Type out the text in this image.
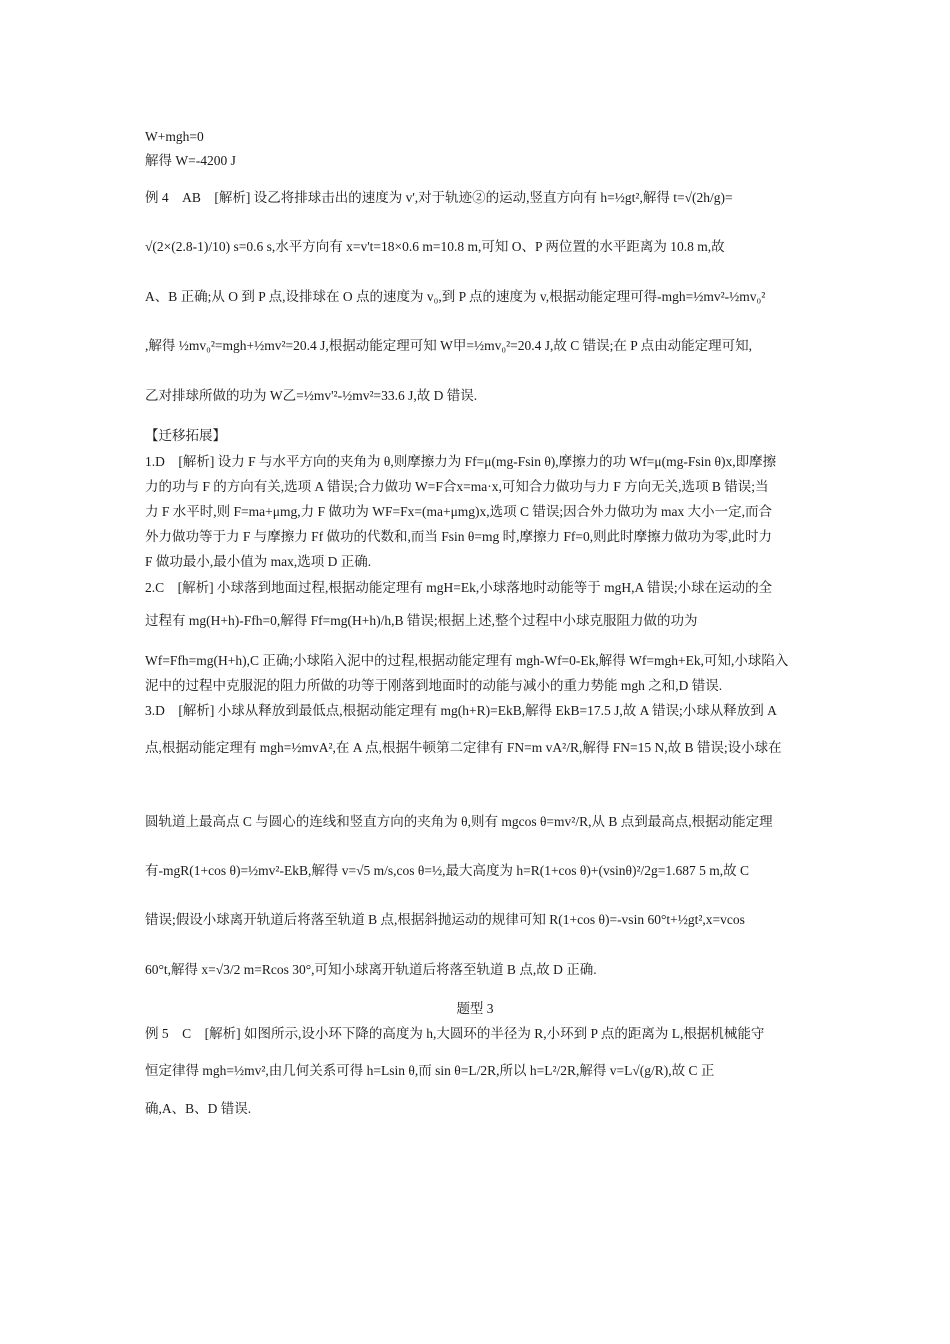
W+mgh=0
解得 W=-4200 J
例 4　AB　[解析] 设乙将排球击出的速度为 v',对于轨迹②的运动,竖直方向有 h=½gt²,解得 t=√(2h/g)=
√(2×(2.8-1)/10) s=0.6 s,水平方向有 x=v't=18×0.6 m=10.8 m,可知 O、P 两位置的水平距离为 10.8 m,故
A、B 正确;从 O 到 P 点,设排球在 O 点的速度为 v₀,到 P 点的速度为 v,根据动能定理可得-mgh=½mv²-½mv₀²
,解得 ½mv₀²=mgh+½mv²=20.4 J,根据动能定理可知 W甲=½mv₀²=20.4 J,故 C 错误;在 P 点由动能定理可知,
乙对排球所做的功为 W乙=½mv'²-½mv²=33.6 J,故 D 错误.
【迁移拓展】
1.D　[解析] 设力 F 与水平方向的夹角为 θ,则摩擦力为 Ff=μ(mg-Fsin θ),摩擦力的功 Wf=μ(mg-Fsin θ)x,即摩擦
力的功与 F 的方向有关,选项 A 错误;合力做功 W=F合x=ma·x,可知合力做功与力 F 方向无关,选项 B 错误;当
力 F 水平时,则 F=ma+μmg,力 F 做功为 WF=Fx=(ma+μmg)x,选项 C 错误;因合外力做功为 max 大小一定,而合
外力做功等于力 F 与摩擦力 Ff 做功的代数和,而当 Fsin θ=mg 时,摩擦力 Ff=0,则此时摩擦力做功为零,此时力
F 做功最小,最小值为 max,选项 D 正确.
2.C　[解析] 小球落到地面过程,根据动能定理有 mgH=Ek,小球落地时动能等于 mgH,A 错误;小球在运动的全
过程有 mg(H+h)-Ffh=0,解得 Ff=mg(H+h)/h,B 错误;根据上述,整个过程中小球克服阻力做的功为
Wf=Ffh=mg(H+h),C 正确;小球陷入泥中的过程,根据动能定理有 mgh-Wf=0-Ek,解得 Wf=mgh+Ek,可知,小球陷入
泥中的过程中克服泥的阻力所做的功等于刚落到地面时的动能与减小的重力势能 mgh 之和,D 错误.
3.D　[解析] 小球从释放到最低点,根据动能定理有 mg(h+R)=EkB,解得 EkB=17.5 J,故 A 错误;小球从释放到 A
点,根据动能定理有 mgh=½mvA²,在 A 点,根据牛顿第二定律有 FN=m vA²/R,解得 FN=15 N,故 B 错误;设小球在
圆轨道上最高点 C 与圆心的连线和竖直方向的夹角为 θ,则有 mgcos θ=mv²/R,从 B 点到最高点,根据动能定理
有-mgR(1+cos θ)=½mv²-EkB,解得 v=√5 m/s,cos θ=½,最大高度为 h=R(1+cos θ)+(vsinθ)²/2g=1.687 5 m,故 C
错误;假设小球离开轨道后将落至轨道 B 点,根据斜抛运动的规律可知 R(1+cos θ)=-vsin 60°t+½gt²,x=vcos
60°t,解得 x=√3/2 m=Rcos 30°,可知小球离开轨道后将落至轨道 B 点,故 D 正确.
题型 3
例 5　C　[解析] 如图所示,设小环下降的高度为 h,大圆环的半径为 R,小环到 P 点的距离为 L,根据机械能守
恒定律得 mgh=½mv²,由几何关系可得 h=Lsin θ,而 sin θ=L/2R,所以 h=L²/2R,解得 v=L√(g/R),故 C 正
确,A、B、D 错误.
